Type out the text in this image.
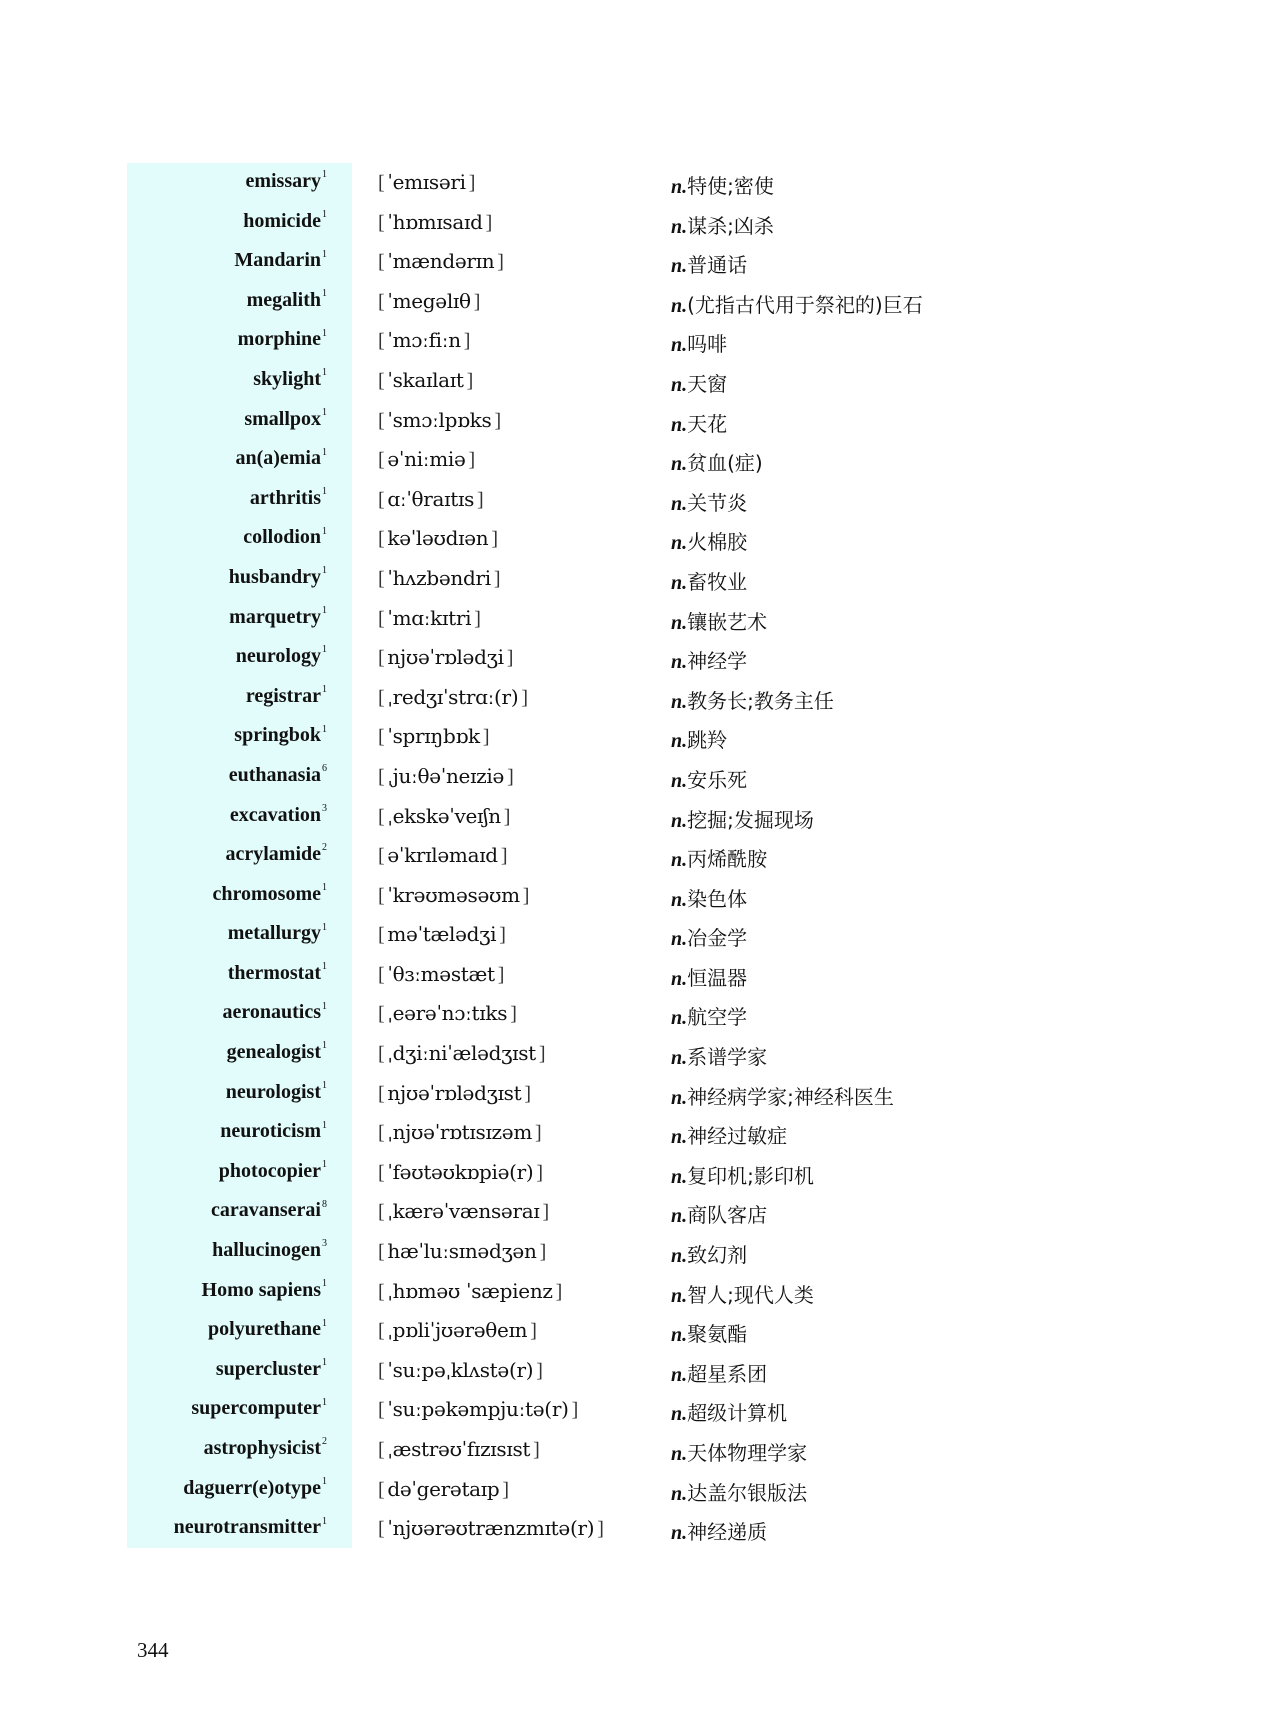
emissary$^1$	[ ˈemɪsəri ]	n.特使;密使
homicide$^1$	[ ˈhɒmɪsaɪd ]	n.谋杀;凶杀
Mandarin$^1$	[ ˈmændərɪn ]	n.普通话
megalith$^1$	[ ˈmegəlɪθ ]	n.(尤指古代用于祭祀的)巨石
morphine$^1$	[ ˈmɔːfiːn ]	n.吗啡
skylight$^1$	[ ˈskaɪlaɪt ]	n.天窗
smallpox$^1$	[ ˈsmɔːlpɒks ]	n.天花
an(a)emia$^1$	[ əˈniːmiə ]	n.贫血(症)
arthritis$^1$	[ ɑːˈθraɪtɪs ]	n.关节炎
collodion$^1$	[ kəˈləʊdɪən ]	n.火棉胶
husbandry$^1$	[ ˈhʌzbəndri ]	n.畜牧业
marquetry$^1$	[ ˈmɑːkɪtri ]	n.镶嵌艺术
neurology$^1$	[ njʊəˈrɒlədʒi ]	n.神经学
registrar$^1$	[ ˌredʒɪˈstrɑː(r) ]	n.教务长;教务主任
springbok$^1$	[ ˈsprɪŋbɒk ]	n.跳羚
euthanasia$^6$	[ ˌjuːθəˈneɪziə ]	n.安乐死
excavation$^3$	[ ˌekskəˈveɪʃn ]	n.挖掘;发掘现场
acrylamide$^2$	[ əˈkrɪləmaɪd ]	n.丙烯酰胺
chromosome$^1$	[ ˈkrəʊməsəʊm ]	n.染色体
metallurgy$^1$	[ məˈtælədʒi ]	n.冶金学
thermostat$^1$	[ ˈθɜːməstæt ]	n.恒温器
aeronautics$^1$	[ ˌeərəˈnɔːtɪks ]	n.航空学
genealogist$^1$	[ ˌdʒiːniˈælədʒɪst ]	n.系谱学家
neurologist$^1$	[ njʊəˈrɒlədʒɪst ]	n.神经病学家;神经科医生
neuroticism$^1$	[ ˌnjʊəˈrɒtɪsɪzəm ]	n.神经过敏症
photocopier$^1$	[ ˈfəʊtəʊkɒpiə(r) ]	n.复印机;影印机
caravanserai$^8$	[ ˌkærəˈvænsəraɪ ]	n.商队客店
hallucinogen$^3$	[ hæˈluːsɪnədʒən ]	n.致幻剂
Homo sapiens$^1$	[ ˌhɒməʊ ˈsæpienz ]	n.智人;现代人类
polyurethane$^1$	[ ˌpɒliˈjʊərəθeɪn ]	n.聚氨酯
supercluster$^1$	[ ˈsuːpəˌklʌstə(r) ]	n.超星系团
supercomputer$^1$	[ ˈsuːpəkəmpjuːtə(r) ]	n.超级计算机
astrophysicist$^2$	[ ˌæstrəʊˈfɪzɪsɪst ]	n.天体物理学家
daguerr(e)otype$^1$	[ dəˈgerətaɪp ]	n.达盖尔银版法
neurotransmitter$^1$	[ ˈnjʊərəʊtrænzmɪtə(r) ]	n.神经递质
344
